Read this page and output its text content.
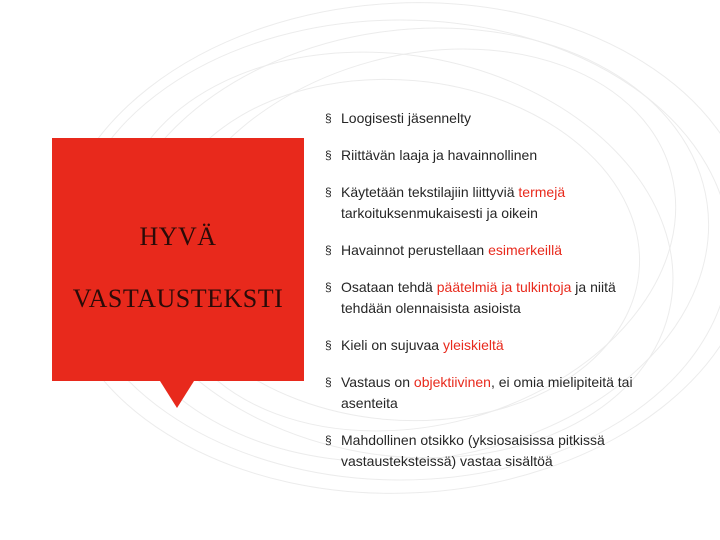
HYVÄ
VASTAUSTEKSTI
§ Loogisesti jäsennelty
§ Riittävän laaja ja havainnollinen
§ Käytetään tekstilajiin liittyviä termejä tarkoituksenmukaisesti ja oikein
§ Havainnot perustellaan esimerkeillä
§ Osataan tehdä päätelmiä ja tulkintoja ja niitä tehdään olennaisista asioista
§ Kieli on sujuvaa yleiskieltä
§ Vastaus on objektiivinen, ei omia mielipiteitä tai asenteita
§ Mahdollinen otsikko (yksiosaisissa pitkissä vastausteksteissä) vastaa sisältöä
